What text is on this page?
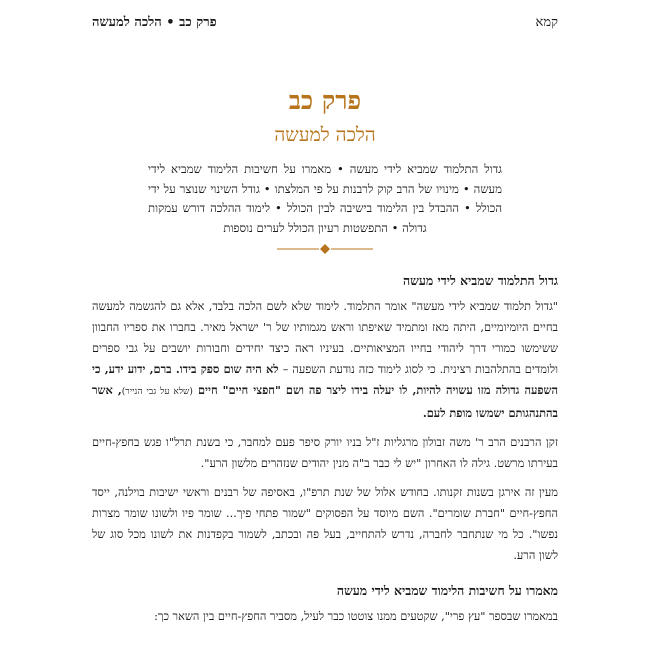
פרק כב • הלכה למעשה	קמא
פרק כב
הלכה למעשה
גדול התלמוד שמביא לידי מעשה • מאמרו על חשיבות הלימוד שמביא לידי מעשה • מינויו של הרב קוק לרבנות על פי המלצתו • גודל השינוי שנוצר על ידי הכולל • ההבדל בין הלימוד בישיבה לבין הכולל • לימוד ההלכה דורש עמקות גדולה • התפשטות רעיון הכולל לערים נוספות
גדול התלמוד שמביא לידי מעשה

"גדול תלמוד שמביא לידי מעשה" אומר התלמוד. לימוד שלא לשם הלכה בלבד, אלא גם להגשמה למעשה בחיים היומיומיים, היתה מאז ומתמיד שאיפתו וראש מגמותיו של ר' ישראל מאיר. בחברו את ספריו החבוון ששימשו כמורי דרך ליהודי בחייו המציאותיים. בעיניו ראה כיצד יחידים וחבורות יושבים על גבי ספרים ולומדים בהתלהבות רצינית. כי לסוג לימוד כזה נודעת השפעה – לא היה שום ספק בידו. ברם, ידוע ידע, כי השפעה גדולה מזו עשויה להיות, לו יעלה בידו ליצר פה ושם "חפצי חיים" חיים (שלא על גבי הנייר), אשר בהתנהגותם ישמשו מופת לעם.

זקן הרבנים הרב ר' משה זבולון מרגליות ז"ל בניו יורק סיפר פעם למחבר, כי בשנת תרל"ו פגש בחפץ-חיים בעירתו מרשט. גילה לו האחרון "יש לי כבר ב"ה מנין יהודים שנזהרים מלשון הרע".

מעין זה אירגן בשנות זקנותו. בחודש אלול של שנת תרפ"ו, באסיפה של רבנים וראשי ישיבות בוילנה, ייסד החפץ-חיים "חברת שומרים". השם מיוסד על הפסוקים "שמור פתחי פיך... שומר פיו ולשונו שומר מצרות נפשו". כל מי שנתחבר לחברה, נדרש להתחייב, בעל פה ובכתב, לשמור בקפדנות את לשונו מכל סוג של לשון הרע.

מאמרו על חשיבות הלימוד שמביא לידי מעשה

במאמרו שבספר "עץ פרי", שקטעים ממנו צוטטו כבר לעיל, מסביר החפץ-חיים בין השאר כך:
